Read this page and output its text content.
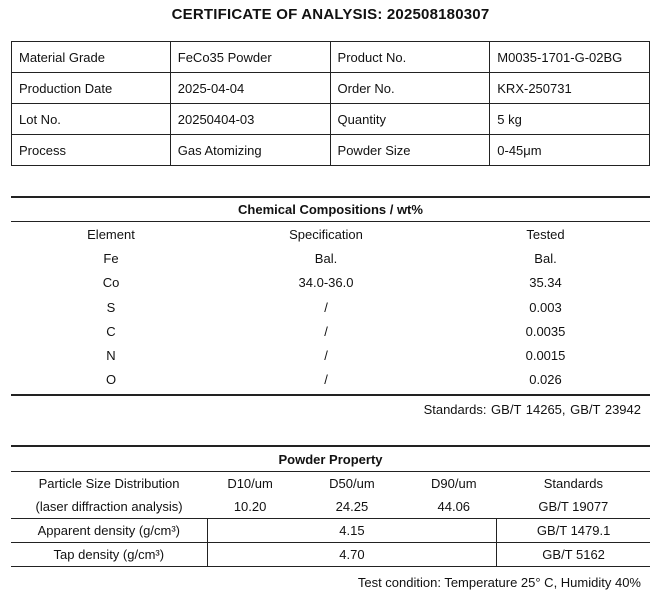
CERTIFICATE OF ANALYSIS: 202508180307
Material Grade	FeCo35 Powder	Product No.	M0035-1701-G-02BG
Production Date	2025-04-04	Order No.	KRX-250731
Lot No.	20250404-03	Quantity	5 kg
Process	Gas Atomizing	Powder Size	0-45μm
Chemical Compositions / wt%
Element	Specification	Tested
Fe	Bal.	Bal.
Co	34.0-36.0	35.34
S	/	0.003
C	/	0.0035
N	/	0.0015
O	/	0.026
Standards: GB/T 14265, GB/T 23942
Powder Property
Particle Size Distribution	D10/um	D50/um	D90/um	Standards
(laser diffraction analysis)	10.20	24.25	44.06	GB/T 19077
Apparent density (g/cm³)	4.15			GB/T 1479.1
Tap density (g/cm³)	4.70			GB/T 5162
Test condition: Temperature 25° C, Humidity 40%
